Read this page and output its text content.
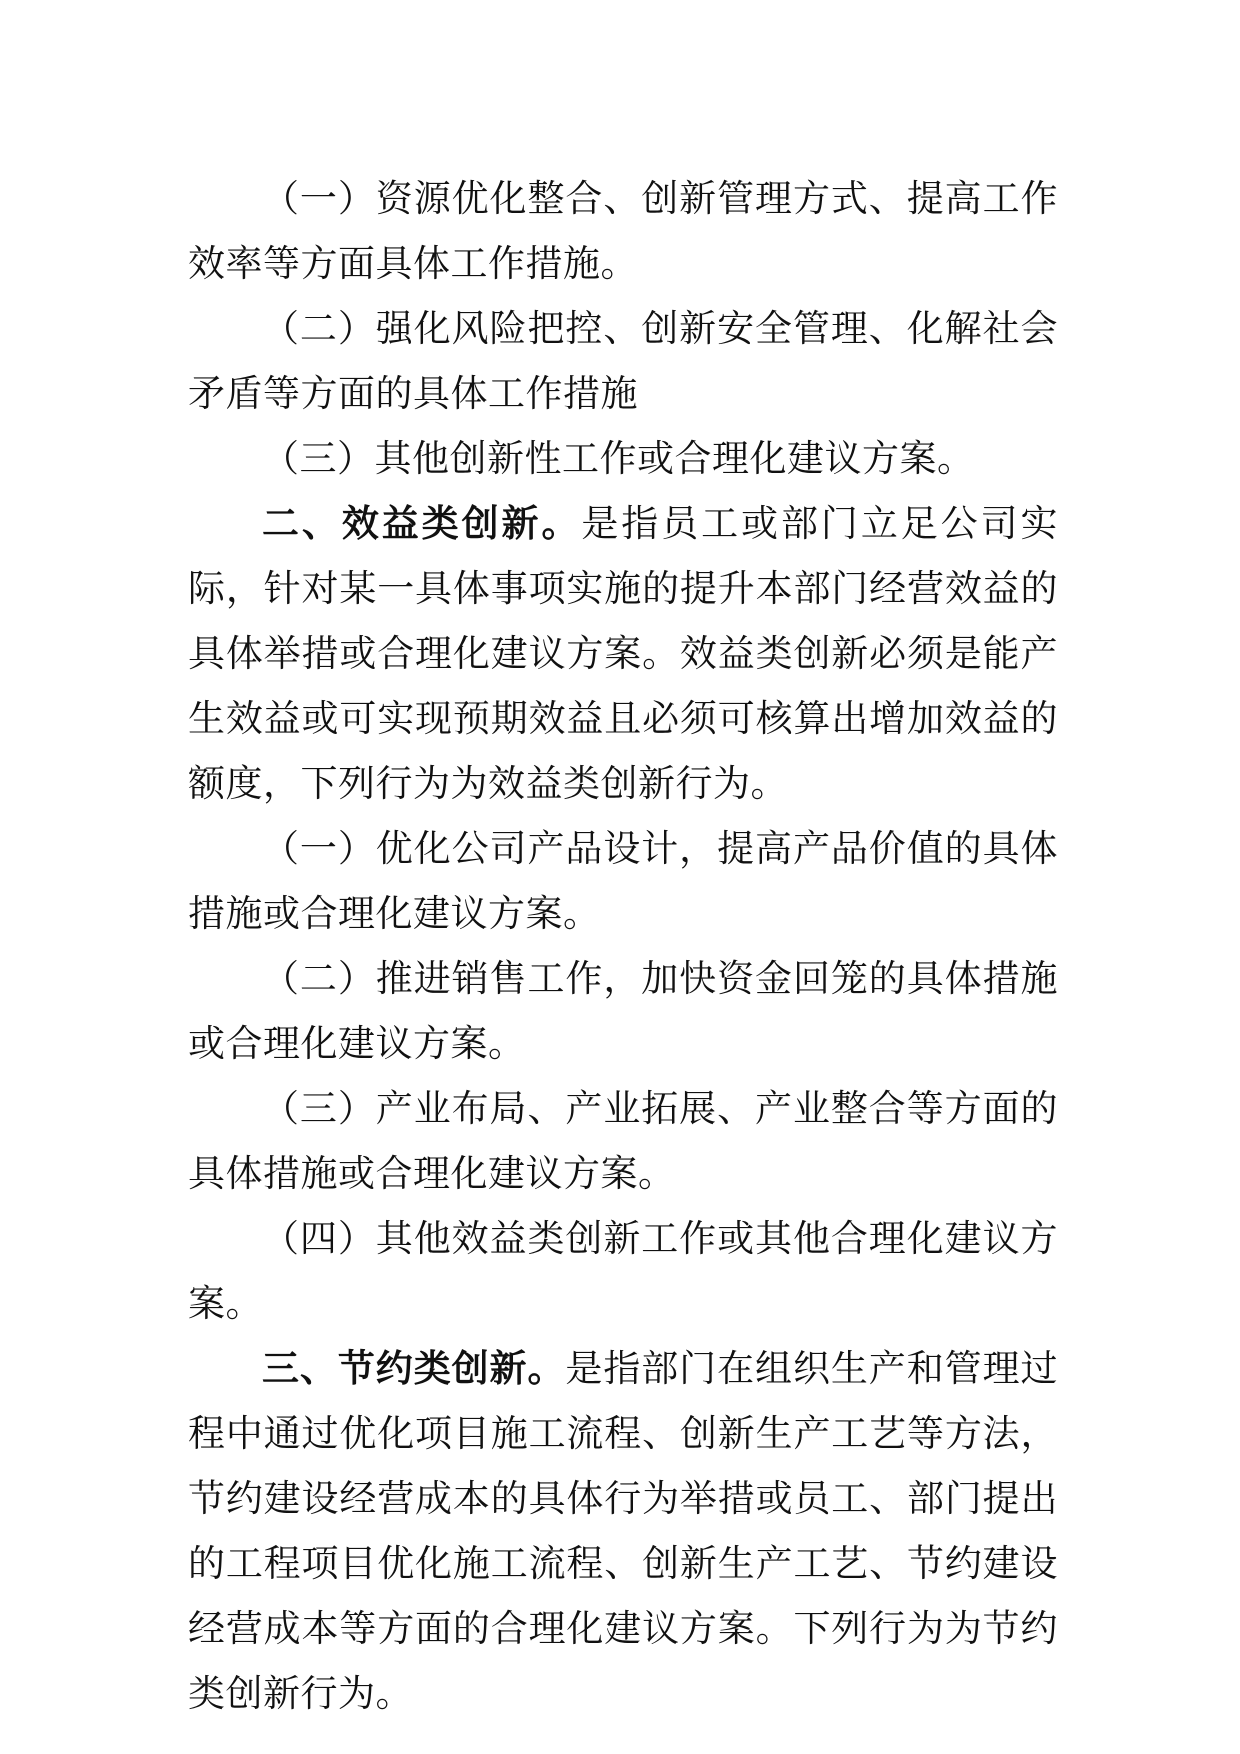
（一）资源优化整合、创新管理方式、提高工作效率等方面具体工作措施。

（二）强化风险把控、创新安全管理、化解社会矛盾等方面的具体工作措施

（三）其他创新性工作或合理化建议方案。

二、效益类创新。是指员工或部门立足公司实际，针对某一具体事项实施的提升本部门经营效益的具体举措或合理化建议方案。效益类创新必须是能产生效益或可实现预期效益且必须可核算出增加效益的额度，下列行为为效益类创新行为。

（一）优化公司产品设计，提高产品价值的具体措施或合理化建议方案。

（二）推进销售工作，加快资金回笼的具体措施或合理化建议方案。

（三）产业布局、产业拓展、产业整合等方面的具体措施或合理化建议方案。

（四）其他效益类创新工作或其他合理化建议方案。

三、节约类创新。是指部门在组织生产和管理过程中通过优化项目施工流程、创新生产工艺等方法，节约建设经营成本的具体行为举措或员工、部门提出的工程项目优化施工流程、创新生产工艺、节约建设经营成本等方面的合理化建议方案。下列行为为节约类创新行为。
